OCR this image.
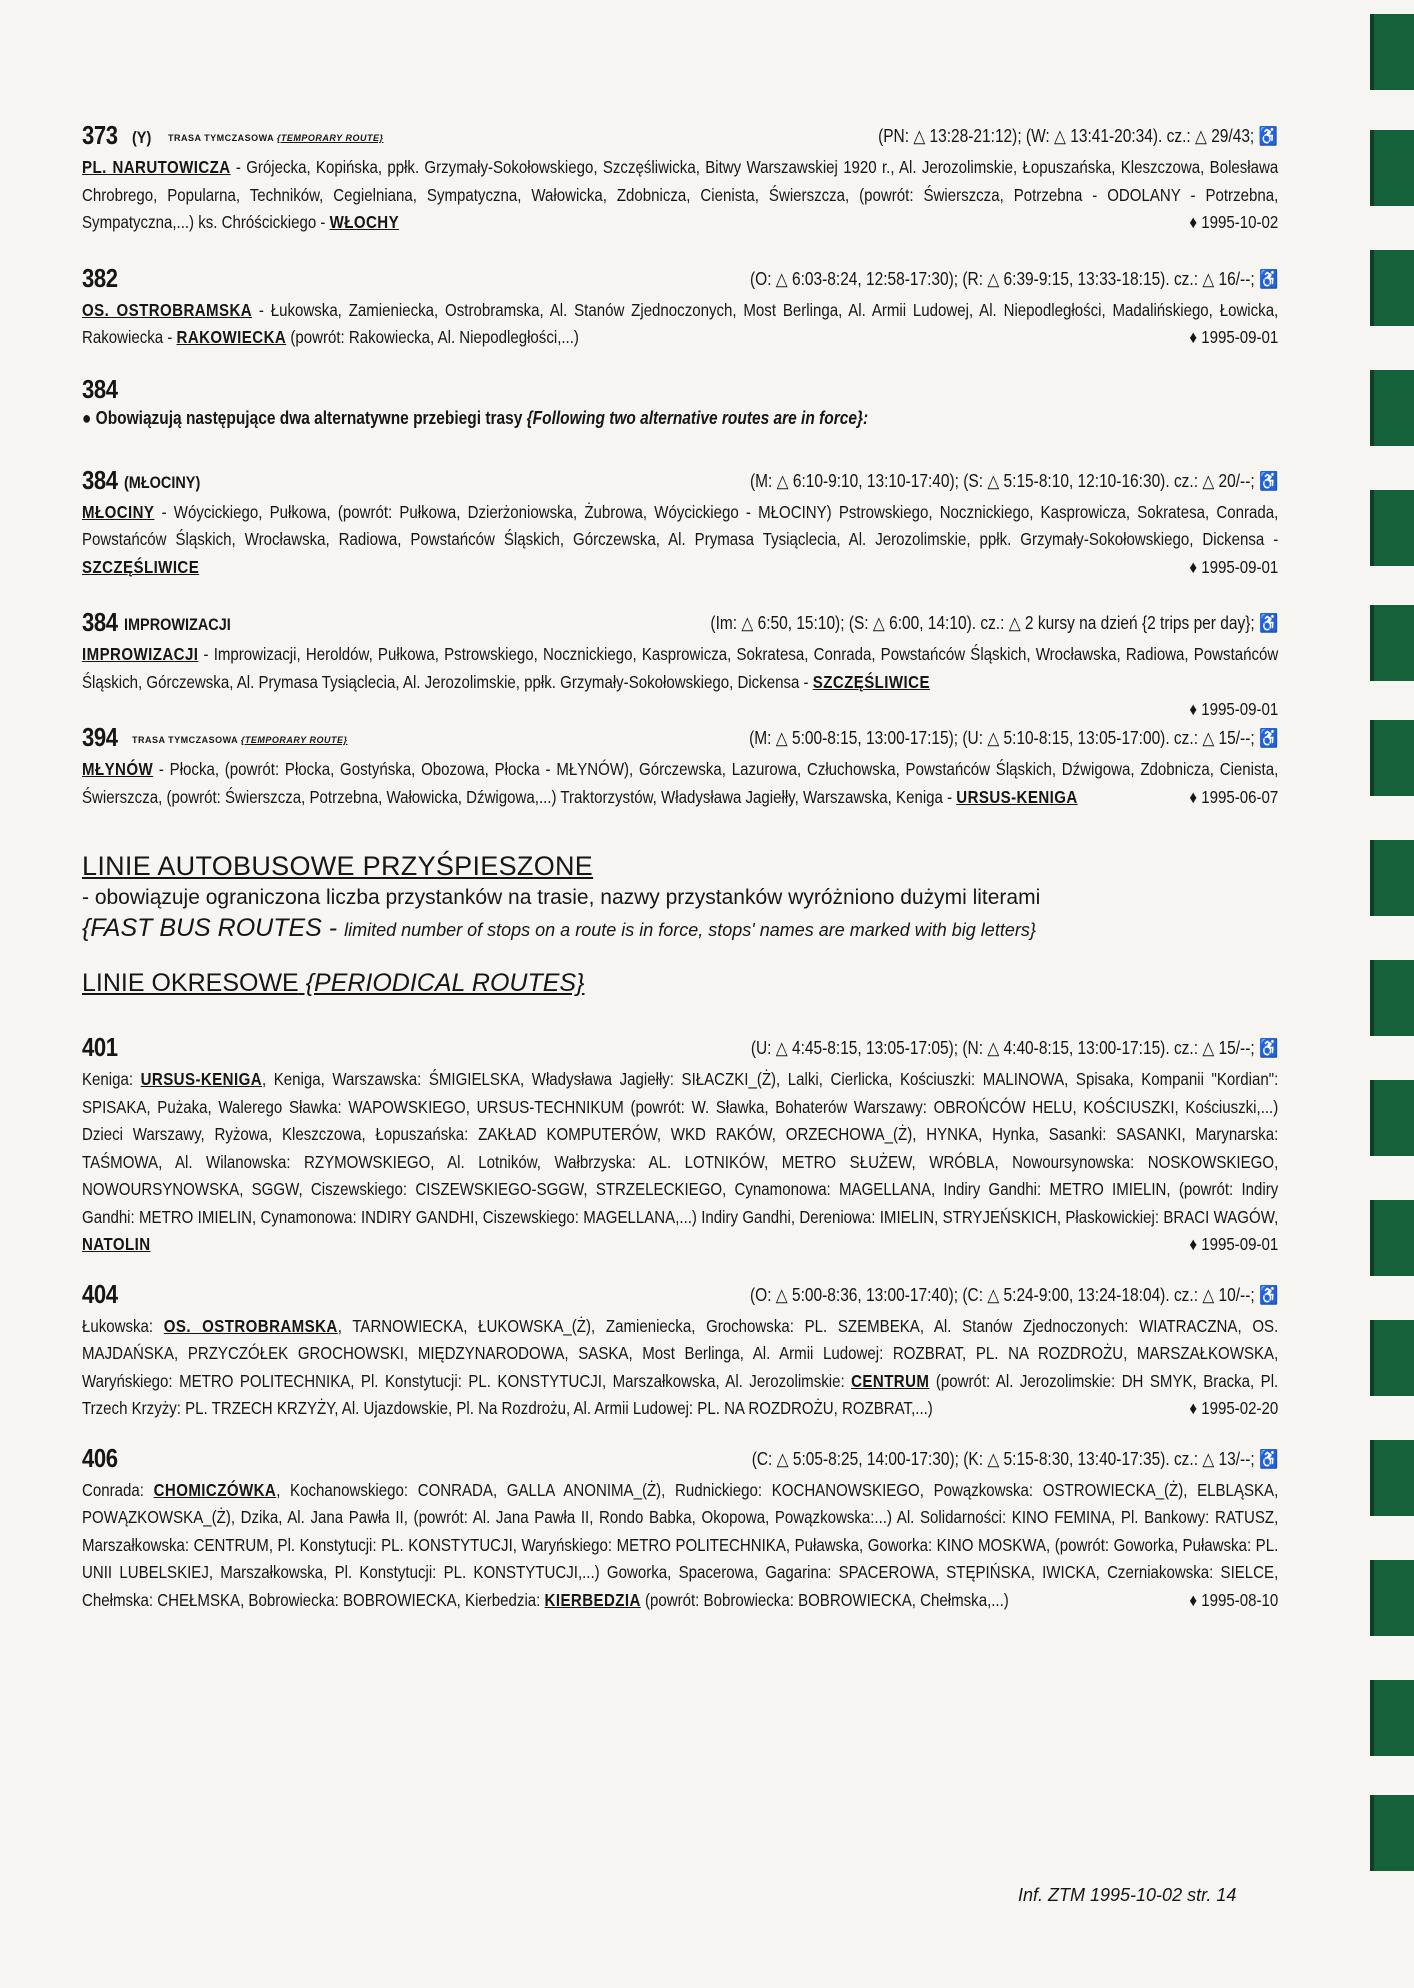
373 (Y) TRASA TYMCZASOWA {TEMPORARY ROUTE}	(PN: △ 13:28-21:12); (W: △ 13:41-20:34). cz.: △ 29/43; ♿
PL. NARUTOWICZA - Grójecka, Kopińska, ppłk. Grzymały-Sokołowskiego, Szczęśliwicka, Bitwy Warszawskiej 1920 r., Al. Jerozolimskie, Łopuszańska, Kleszczowa, Bolesława Chrobrego, Popularna, Techników, Cegielniana, Sympatyczna, Wałowicka, Zdobnicza, Cienista, Świerszcza, (powrót: Świerszcza, Potrzebna - ODOLANY - Potrzebna, Sympatyczna,...) ks. Chróścickiego - WŁOCHY	♦ 1995-10-02
382	(O: △ 6:03-8:24, 12:58-17:30); (R: △ 6:39-9:15, 13:33-18:15). cz.: △ 16/--; ♿
OS. OSTROBRAMSKA - Łukowska, Zamieniecka, Ostrobramska, Al. Stanów Zjednoczonych, Most Berlinga, Al. Armii Ludowej, Al. Niepodległości, Madalińskiego, Łowicka, Rakowiecka - RAKOWIECKA (powrót: Rakowiecka, Al. Niepodległości,...)	♦ 1995-09-01
384
● Obowiązują następujące dwa alternatywne przebiegi trasy {Following two alternative routes are in force}:
384 (MŁOCINY)	(M: △ 6:10-9:10, 13:10-17:40); (S: △ 5:15-8:10, 12:10-16:30). cz.: △ 20/--; ♿
MŁOCINY - Wóycickiego, Pułkowa, (powrót: Pułkowa, Dzierżoniowska, Żubrowa, Wóycickiego - MŁOCINY) Pstrowskiego, Nocznickiego, Kasprowicza, Sokratesa, Conrada, Powstańców Śląskich, Wrocławska, Radiowa, Powstańców Śląskich, Górczewska, Al. Prymasa Tysiąclecia, Al. Jerozolimskie, ppłk. Grzymały-Sokołowskiego, Dickensa - SZCZĘŚLIWICE	♦ 1995-09-01
384 IMPROWIZACJI	(Im: △ 6:50, 15:10); (S: △ 6:00, 14:10). cz.: △ 2 kursy na dzień {2 trips per day}; ♿
IMPROWIZACJI - Improwizacji, Heroldów, Pułkowa, Pstrowskiego, Nocznickiego, Kasprowicza, Sokratesa, Conrada, Powstańców Śląskich, Wrocławska, Radiowa, Powstańców Śląskich, Górczewska, Al. Prymasa Tysiąclecia, Al. Jerozolimskie, ppłk. Grzymały-Sokołowskiego, Dickensa - SZCZĘŚLIWICE

♦ 1995-09-01
394 TRASA TYMCZASOWA {TEMPORARY ROUTE}	(M: △ 5:00-8:15, 13:00-17:15); (U: △ 5:10-8:15, 13:05-17:00). cz.: △ 15/--; ♿
MŁYNÓW - Płocka, (powrót: Płocka, Gostyńska, Obozowa, Płocka - MŁYNÓW), Górczewska, Lazurowa, Człuchowska, Powstańców Śląskich, Dźwigowa, Zdobnicza, Cienista, Świerszcza, (powrót: Świerszcza, Potrzebna, Wałowicka, Dźwigowa,...) Traktorzystów, Władysława Jagiełły, Warszawska, Keniga - URSUS-KENIGA	♦ 1995-06-07
LINIE AUTOBUSOWE PRZYŚPIESZONE
- obowiązuje ograniczona liczba przystanków na trasie, nazwy przystanków wyróżniono dużymi literami
{FAST BUS ROUTES - limited number of stops on a route is in force, stops' names are marked with big letters}
LINIE OKRESOWE {PERIODICAL ROUTES}
401	(U: △ 4:45-8:15, 13:05-17:05); (N: △ 4:40-8:15, 13:00-17:15). cz.: △ 15/--; ♿
Keniga: URSUS-KENIGA, Keniga, Warszawska: ŚMIGIELSKA, Władysława Jagiełły: SIŁACZKI_(Ż), Lalki, Cierlicka, Kościuszki: MALINOWA, Spisaka, Kompanii "Kordian": SPISAKA, Pużaka, Walerego Sławka: WAPOWSKIEGO, URSUS-TECHNIKUM (powrót: W. Sławka, Bohaterów Warszawy: OBROŃCÓW HELU, KOŚCIUSZKI, Kościuszki,...) Dzieci Warszawy, Ryżowa, Kleszczowa, Łopuszańska: ZAKŁAD KOMPUTERÓW, WKD RAKÓW, ORZECHOWA_(Ż), HYNKA, Hynka, Sasanki: SASANKI, Marynarska: TAŚMOWA, Al. Wilanowska: RZYMOWSKIEGO, Al. Lotników, Wałbrzyska: AL. LOTNIKÓW, METRO SŁUŻEW, WRÓBLA, Nowoursynowska: NOSKOWSKIEGO, NOWOURSYNOWSKA, SGGW, Ciszewskiego: CISZEWSKIEGO-SGGW, STRZELECKIEGO, Cynamonowa: MAGELLANA, Indiry Gandhi: METRO IMIELIN, (powrót: Indiry Gandhi: METRO IMIELIN, Cynamonowa: INDIRY GANDHI, Ciszewskiego: MAGELLANA,...) Indiry Gandhi, Dereniowa: IMIELIN, STRYJEŃSKICH, Płaskowickiej: BRACI WAGÓW, NATOLIN	♦ 1995-09-01
404	(O: △ 5:00-8:36, 13:00-17:40); (C: △ 5:24-9:00, 13:24-18:04). cz.: △ 10/--; ♿
Łukowska: OS. OSTROBRAMSKA, TARNOWIECKA, ŁUKOWSKA_(Ż), Zamieniecka, Grochowska: PL. SZEMBEKA, Al. Stanów Zjednoczonych: WIATRACZNA, OS. MAJDAŃSKA, PRZYCZÓŁEK GROCHOWSKI, MIĘDZYNARODOWA, SASKA, Most Berlinga, Al. Armii Ludowej: ROZBRAT, PL. NA ROZDROŻU, MARSZAŁKOWSKA, Waryńskiego: METRO POLITECHNIKA, Pl. Konstytucji: PL. KONSTYTUCJI, Marszałkowska, Al. Jerozolimskie: CENTRUM (powrót: Al. Jerozolimskie: DH SMYK, Bracka, Pl. Trzech Krzyży: PL. TRZECH KRZYŻY, Al. Ujazdowskie, Pl. Na Rozdrożu, Al. Armii Ludowej: PL. NA ROZDROŻU, ROZBRAT,...)	♦ 1995-02-20
406	(C: △ 5:05-8:25, 14:00-17:30); (K: △ 5:15-8:30, 13:40-17:35). cz.: △ 13/--; ♿
Conrada: CHOMICZÓWKA, Kochanowskiego: CONRADA, GALLA ANONIMA_(Ż), Rudnickiego: KOCHANOWSKIEGO, Powązkowska: OSTROWIECKA_(Ż), ELBLĄSKA, POWĄZKOWSKA_(Ż), Dzika, Al. Jana Pawła II, (powrót: Al. Jana Pawła II, Rondo Babka, Okopowa, Powązkowska:...) Al. Solidarności: KINO FEMINA, Pl. Bankowy: RATUSZ, Marszałkowska: CENTRUM, Pl. Konstytucji: PL. KONSTYTUCJI, Waryńskiego: METRO POLITECHNIKA, Puławska, Goworka: KINO MOSKWA, (powrót: Goworka, Puławska: PL. UNII LUBELSKIEJ, Marszałkowska, Pl. Konstytucji: PL. KONSTYTUCJI,...) Goworka, Spacerowa, Gagarina: SPACEROWA, STĘPIŃSKA, IWICKA, Czerniakowska: SIELCE, Chełmska: CHEŁMSKA, Bobrowiecka: BOBROWIECKA, Kierbedzia: KIERBEDZIA (powrót: Bobrowiecka: BOBROWIECKA, Chełmska,...)	♦ 1995-08-10
Inf. ZTM 1995-10-02 str. 14
